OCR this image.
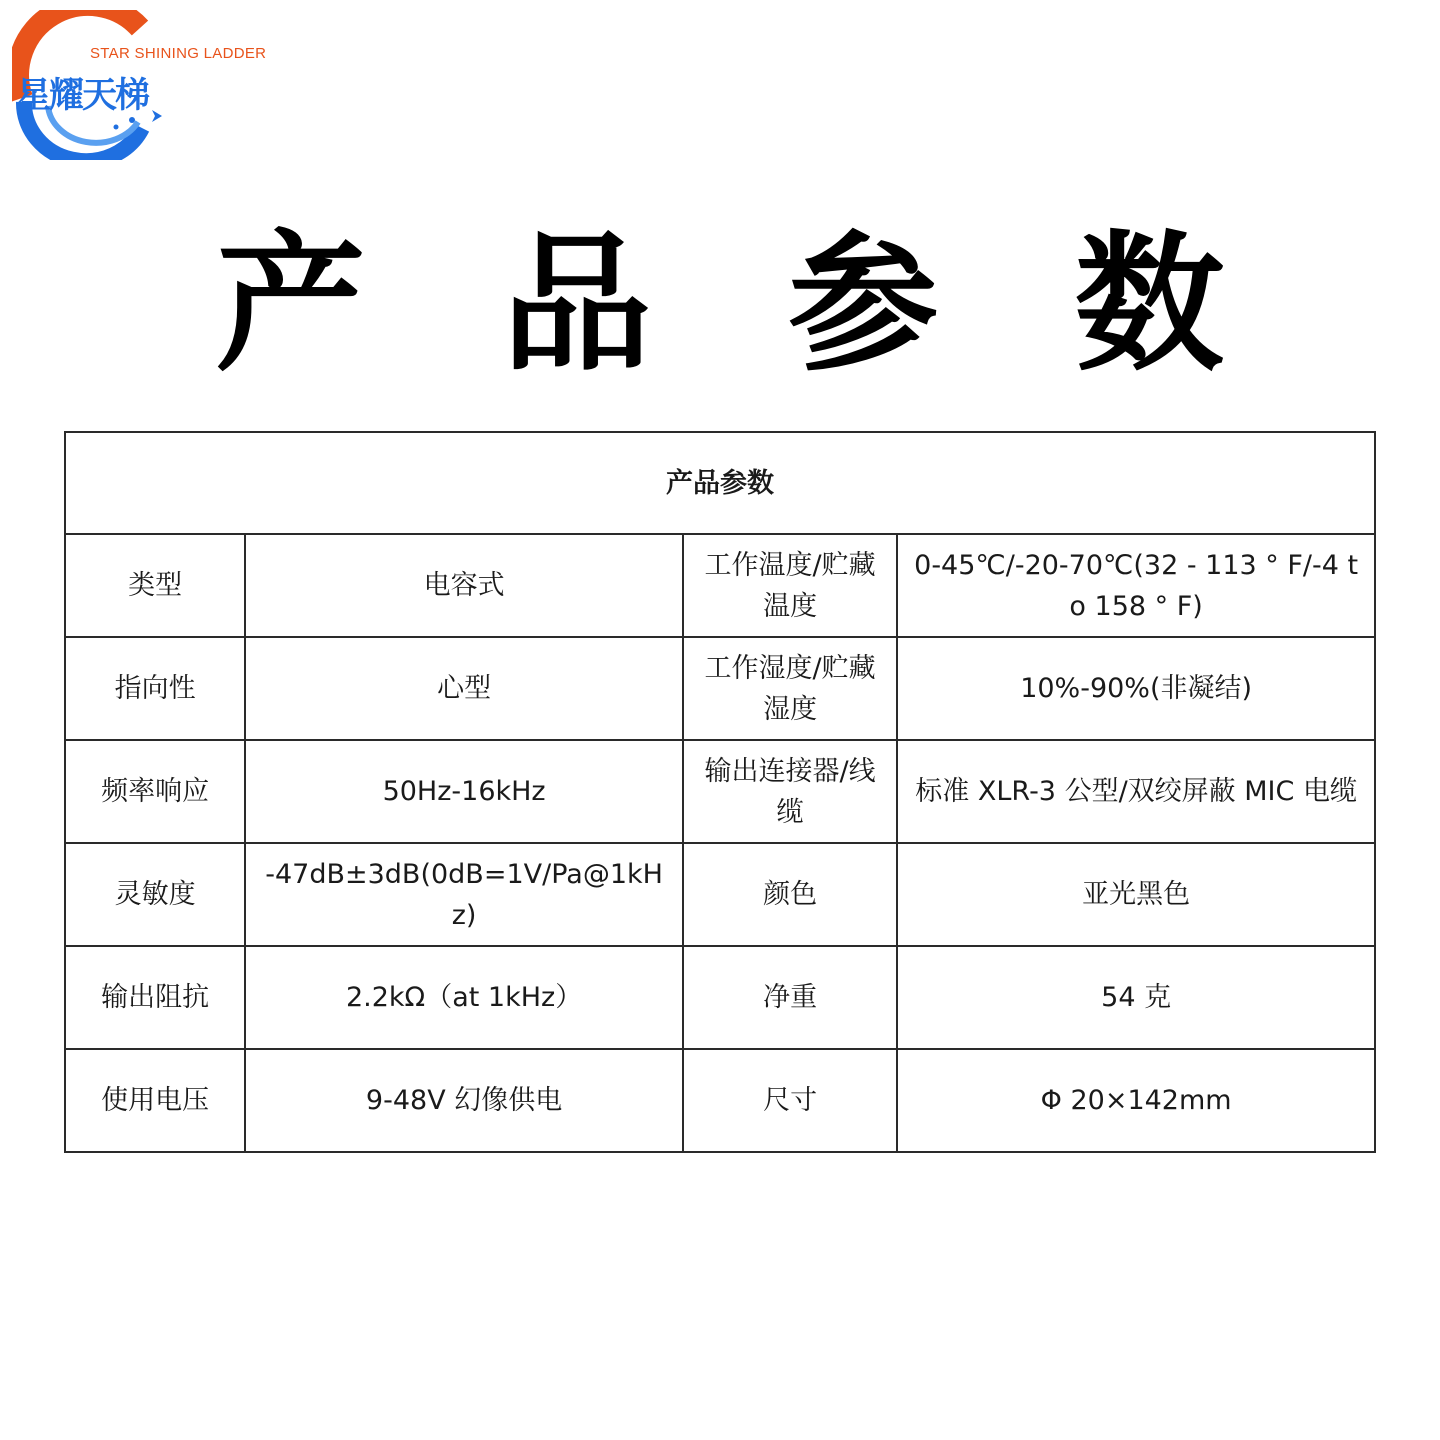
STAR SHINING LADDER
星耀天梯
产 品 参 数
产品参数			
类型	电容式	工作温度/贮藏温度	0-45℃/-20-70℃(32 - 113 ° F/-4 to 158 ° F)
指向性	心型	工作湿度/贮藏湿度	10%-90%(非凝结)
频率响应	50Hz-16kHz	输出连接器/线缆	标准 XLR-3 公型/双绞屏蔽 MIC 电缆
灵敏度	-47dB±3dB(0dB=1V/Pa@1kHz)	颜色	亚光黑色
输出阻抗	2.2kΩ（at 1kHz）	净重	54 克
使用电压	9-48V 幻像供电	尺寸	Φ 20×142mm
